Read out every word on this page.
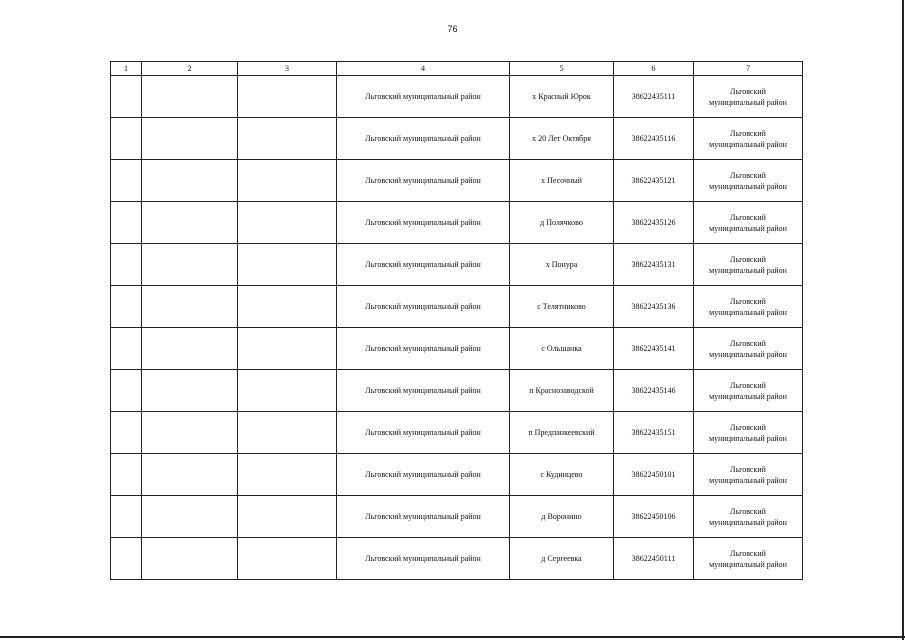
76
1	2	3	4	5	6	7
			Льговский муниципальный район	х Красный Юрок	38622435111	Льговский
муниципальный район

			Льговский муниципальный район	х 20 Лет Октября	38622435116	Льговский
муниципальный район

			Льговский муниципальный район	х Песочный	38622435121	Льговский
муниципальный район

			Льговский муниципальный район	д Полячково	38622435126	Льговский
муниципальный район

			Льговский муниципальный район	х Понура	38622435131	Льговский
муниципальный район

			Льговский муниципальный район	с Телятниково	38622435136	Льговский
муниципальный район

			Льговский муниципальный район	с Ольшанка	38622435141	Льговский
муниципальный район

			Льговский муниципальный район	п Краснозаводской	38622435146	Льговский
муниципальный район

			Льговский муниципальный район	п Предпанкеевский	38622435151	Льговский
муниципальный район

			Льговский муниципальный район	с Кудинцево	38622450101	Льговский
муниципальный район

			Льговский муниципальный район	д Воронино	38622450106	Льговский
муниципальный район

			Льговский муниципальный район	д Сергеевка	38622450111	Льговский
муниципальный район
